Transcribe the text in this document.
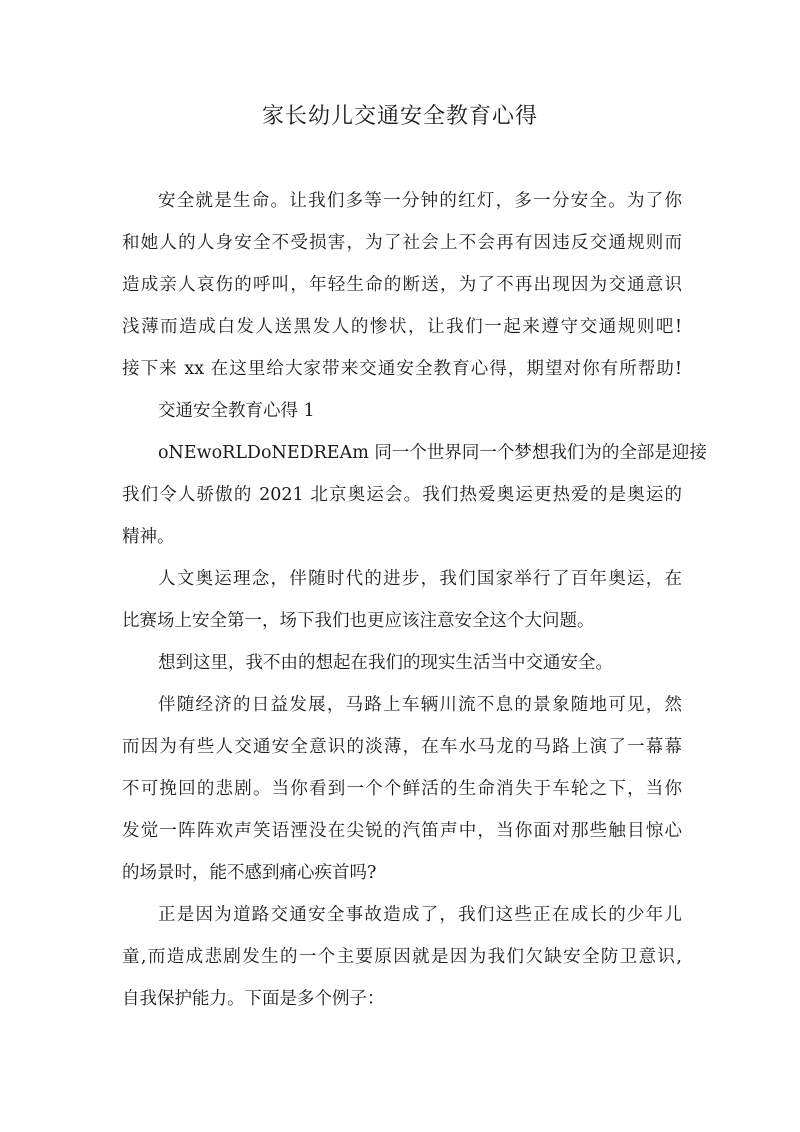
家长幼儿交通安全教育心得
安全就是生命。让我们多等一分钟的红灯，多一分安全。为了你
和她人的人身安全不受损害，为了社会上不会再有因违反交通规则而
造成亲人哀伤的呼叫，年轻生命的断送，为了不再出现因为交通意识
浅薄而造成白发人送黑发人的惨状，让我们一起来遵守交通规则吧!
接下来 xx 在这里给大家带来交通安全教育心得，期望对你有所帮助!
交通安全教育心得 1
oNEwoRLDoNEDREAm 同一个世界同一个梦想我们为的全部是迎接
我们令人骄傲的 2021 北京奥运会。我们热爱奥运更热爱的是奥运的
精神。
人文奥运理念，伴随时代的进步，我们国家举行了百年奥运，在
比赛场上安全第一，场下我们也更应该注意安全这个大问题。
想到这里，我不由的想起在我们的现实生活当中交通安全。
伴随经济的日益发展，马路上车辆川流不息的景象随地可见，然
而因为有些人交通安全意识的淡薄，在车水马龙的马路上演了一幕幕
不可挽回的悲剧。当你看到一个个鲜活的生命消失于车轮之下，当你
发觉一阵阵欢声笑语湮没在尖锐的汽笛声中，当你面对那些触目惊心
的场景时，能不感到痛心疾首吗?
正是因为道路交通安全事故造成了，我们这些正在成长的少年儿
童,而造成悲剧发生的一个主要原因就是因为我们欠缺安全防卫意识,
自我保护能力。下面是多个例子：
